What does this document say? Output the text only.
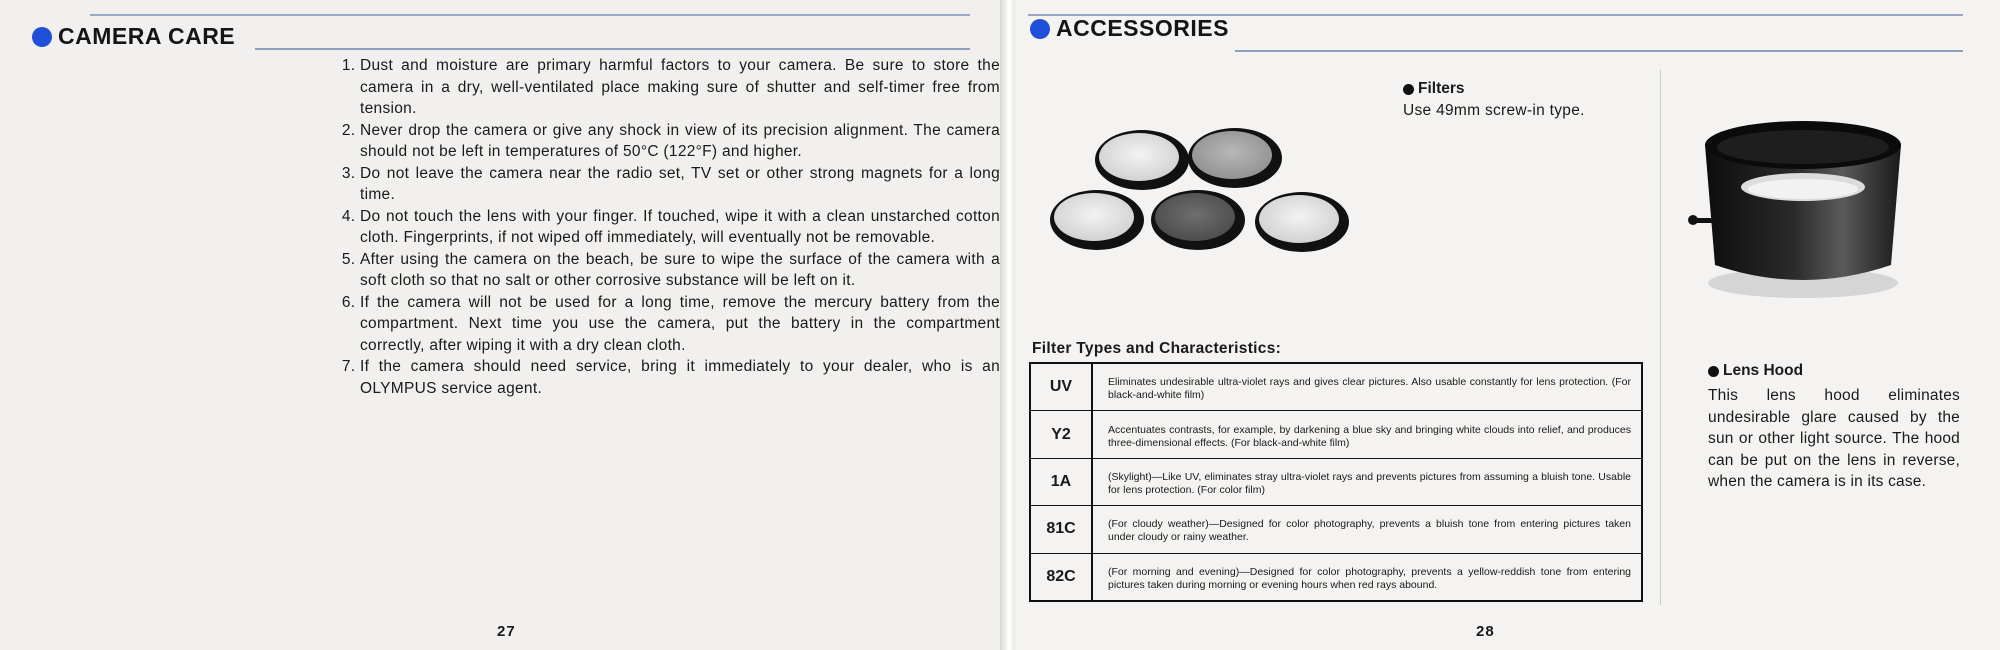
CAMERA CARE
1. Dust and moisture are primary harmful factors to your camera. Be sure to store the camera in a dry, well-ventilated place making sure of shutter and self-timer free from tension.
2. Never drop the camera or give any shock in view of its precision alignment. The camera should not be left in temperatures of 50°C (122°F) and higher.
3. Do not leave the camera near the radio set, TV set or other strong magnets for a long time.
4. Do not touch the lens with your finger. If touched, wipe it with a clean unstarched cotton cloth. Fingerprints, if not wiped off immediately, will eventually not be removable.
5. After using the camera on the beach, be sure to wipe the surface of the camera with a soft cloth so that no salt or other corrosive substance will be left on it.
6. If the camera will not be used for a long time, remove the mercury battery from the compartment. Next time you use the camera, put the battery in the compartment correctly, after wiping it with a dry clean cloth.
7. If the camera should need service, bring it immediately to your dealer, who is an OLYMPUS service agent.
27
ACCESSORIES
Filters
Use 49mm screw-in type.
Filter Types and Characteristics:
UV	Eliminates undesirable ultra-violet rays and gives clear pictures. Also usable constantly for lens protection. (For black-and-white film)
Y2	Accentuates contrasts, for example, by darkening a blue sky and bringing white clouds into relief, and produces three-dimensional effects. (For black-and-white film)
1A	(Skylight)—Like UV, eliminates stray ultra-violet rays and prevents pictures from assuming a bluish tone. Usable for lens protection. (For color film)
81C	(For cloudy weather)—Designed for color photography, prevents a bluish tone from entering pictures taken under cloudy or rainy weather.
82C	(For morning and evening)—Designed for color photography, prevents a yellow-reddish tone from entering pictures taken during morning or evening hours when red rays abound.
Lens Hood
This lens hood eliminates undesirable glare caused by the sun or other light source. The hood can be put on the lens in reverse, when the camera is in its case.
28
